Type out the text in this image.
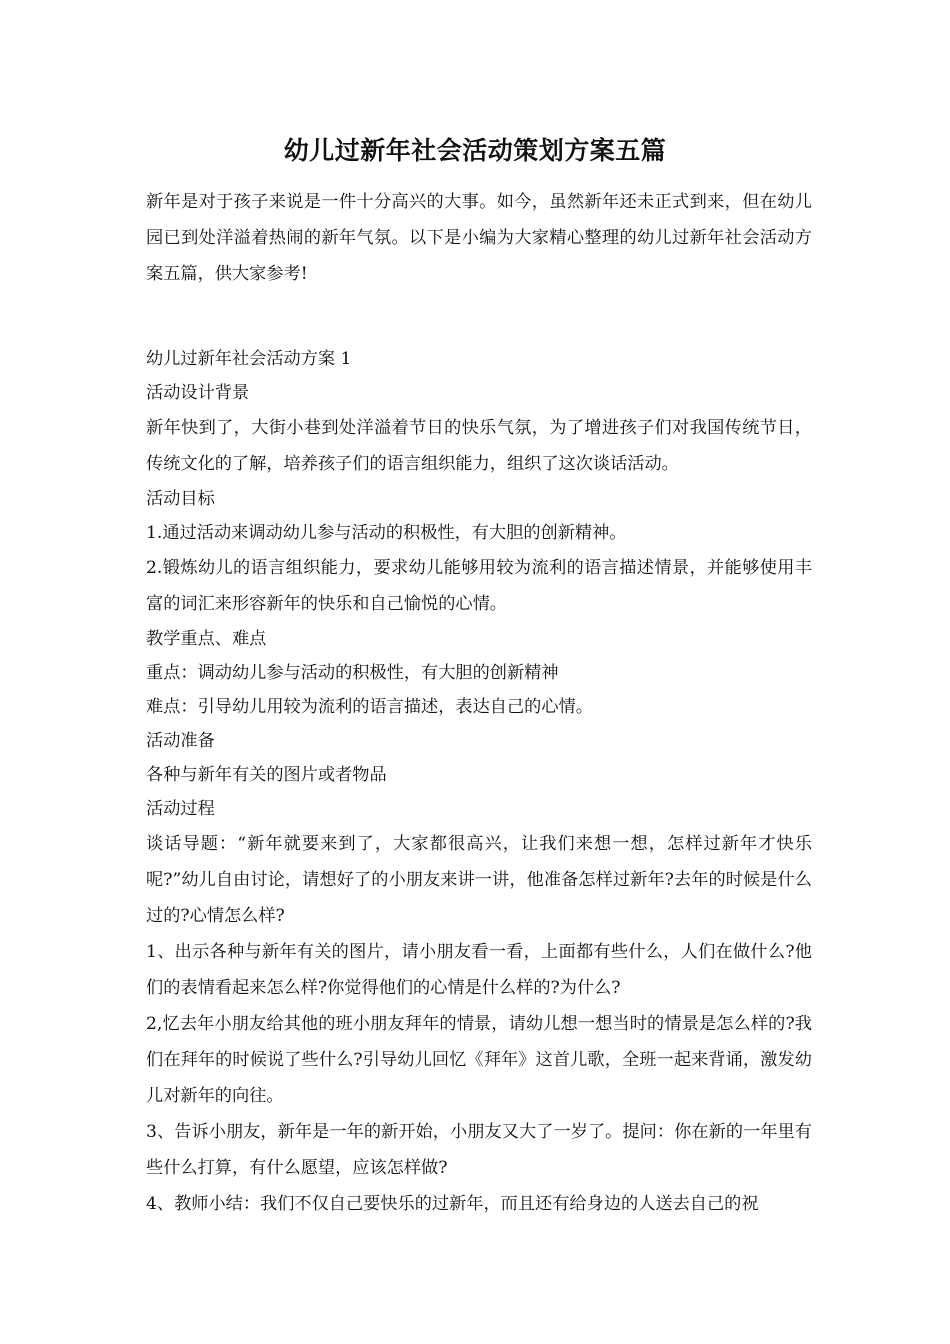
幼儿过新年社会活动策划方案五篇

新年是对于孩子来说是一件十分高兴的大事。如今，虽然新年还未正式到来，但在幼儿园已到处洋溢着热闹的新年气氛。以下是小编为大家精心整理的幼儿过新年社会活动方案五篇，供大家参考!

幼儿过新年社会活动方案 1

活动设计背景

新年快到了，大街小巷到处洋溢着节日的快乐气氛，为了增进孩子们对我国传统节日，传统文化的了解，培养孩子们的语言组织能力，组织了这次谈话活动。

活动目标

1.通过活动来调动幼儿参与活动的积极性，有大胆的创新精神。

2.锻炼幼儿的语言组织能力，要求幼儿能够用较为流利的语言描述情景，并能够使用丰富的词汇来形容新年的快乐和自己愉悦的心情。

教学重点、难点

重点：调动幼儿参与活动的积极性，有大胆的创新精神

难点：引导幼儿用较为流利的语言描述，表达自己的心情。

活动准备

各种与新年有关的图片或者物品

活动过程

谈话导题：“新年就要来到了，大家都很高兴，让我们来想一想，怎样过新年才快乐呢?”幼儿自由讨论，请想好了的小朋友来讲一讲，他准备怎样过新年?去年的时候是什么过的?心情怎么样?

1、出示各种与新年有关的图片，请小朋友看一看，上面都有些什么，人们在做什么?他们的表情看起来怎么样?你觉得他们的心情是什么样的?为什么?

2,忆去年小朋友给其他的班小朋友拜年的情景，请幼儿想一想当时的情景是怎么样的?我们在拜年的时候说了些什么?引导幼儿回忆《拜年》这首儿歌，全班一起来背诵，激发幼儿对新年的向往。

3、告诉小朋友，新年是一年的新开始，小朋友又大了一岁了。提问：你在新的一年里有些什么打算，有什么愿望，应该怎样做?

4、教师小结：我们不仅自己要快乐的过新年，而且还有给身边的人送去自己的祝
